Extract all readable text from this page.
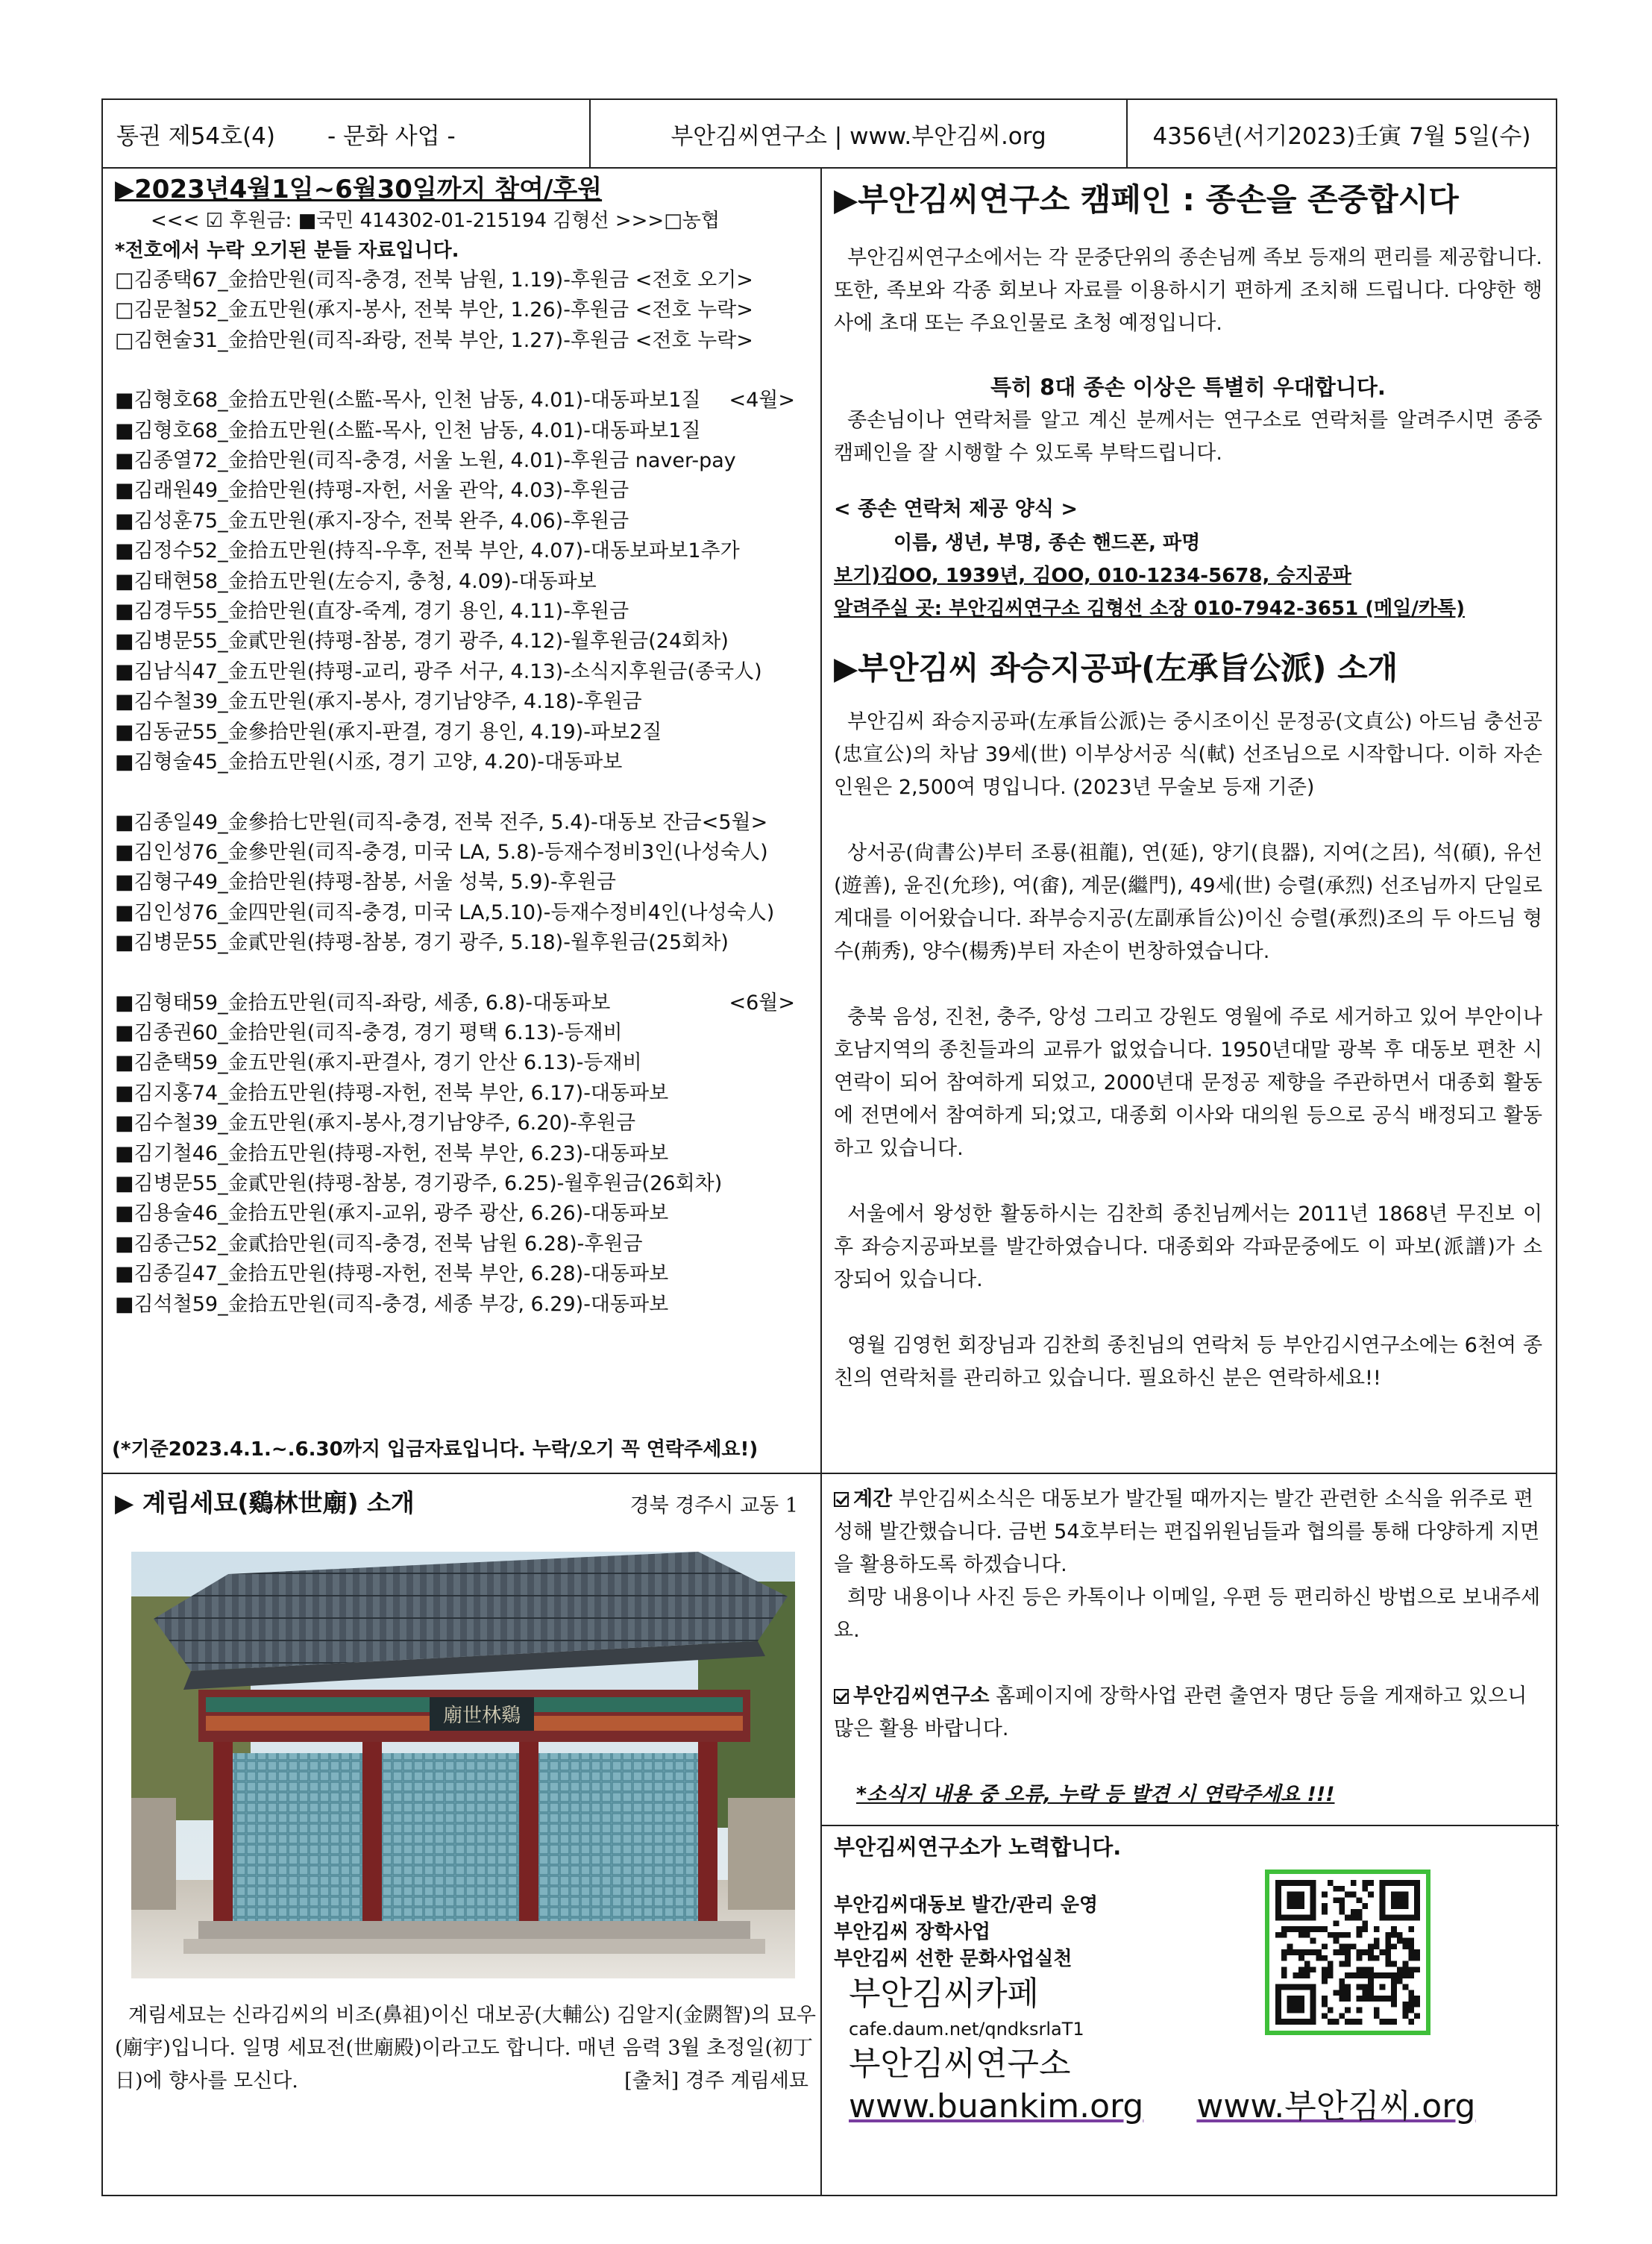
통권 제54호(4) - 문화 사업 -	부안김씨연구소 | www.부안김씨.org	4356년(서기2023)壬寅 7월 5일(수)
▶2023년4월1일~6월30일까지 참여/후원
<<< ☑ 후원금: ■국민 414302-01-215194 김형선 >>>□농협
*전호에서 누락 오기된 분들 자료입니다.
□김종택67_金拾만원(司직-충경, 전북 남원, 1.19)-후원금 <전호 오기>
□김문철52_金五만원(承지-봉사, 전북 부안, 1.26)-후원금 <전호 누락>
□김현술31_金拾만원(司직-좌랑, 전북 부안, 1.27)-후원금 <전호 누락>
■김형호68_金拾五만원(소監-목사, 인천 남동, 4.01)-대동파보1질 <4월>
■김형호68_金拾五만원(소監-목사, 인천 남동, 4.01)-대동파보1질
■김종열72_金拾만원(司직-충경, 서울 노원, 4.01)-후원금 naver-pay
■김래원49_金拾만원(持평-자헌, 서울 관악, 4.03)-후원금
■김성훈75_金五만원(承지-장수, 전북 완주, 4.06)-후원금
■김정수52_金拾五만원(持직-우후, 전북 부안, 4.07)-대동보파보1추가
■김태현58_金拾五만원(左승지, 충청, 4.09)-대동파보
■김경두55_金拾만원(直장-죽계, 경기 용인, 4.11)-후원금
■김병문55_金貳만원(持평-참봉, 경기 광주, 4.12)-월후원금(24회차)
■김남식47_金五만원(持평-교리, 광주 서구, 4.13)-소식지후원금(종국人)
■김수철39_金五만원(承지-봉사, 경기남양주, 4.18)-후원금
■김동균55_金參拾만원(承지-판결, 경기 용인, 4.19)-파보2질
■김형술45_金拾五만원(시丞, 경기 고양, 4.20)-대동파보
■김종일49_金參拾七만원(司직-충경, 전북 전주, 5.4)-대동보 잔금<5월>
■김인성76_金參만원(司직-충경, 미국 LA, 5.8)-등재수정비3인(나성숙人)
■김형구49_金拾만원(持평-참봉, 서울 성북, 5.9)-후원금
■김인성76_金四만원(司직-충경, 미국 LA,5.10)-등재수정비4인(나성숙人)
■김병문55_金貳만원(持평-참봉, 경기 광주, 5.18)-월후원금(25회차)
■김형태59_金拾五만원(司직-좌랑, 세종, 6.8)-대동파보	<6월>
■김종권60_金拾만원(司직-충경, 경기 평택 6.13)-등재비
■김춘택59_金五만원(承지-판결사, 경기 안산 6.13)-등재비
■김지홍74_金拾五만원(持평-자헌, 전북 부안, 6.17)-대동파보
■김수철39_金五만원(承지-봉사,경기남양주, 6.20)-후원금
■김기철46_金拾五만원(持평-자헌, 전북 부안, 6.23)-대동파보
■김병문55_金貳만원(持평-참봉, 경기광주, 6.25)-월후원금(26회차)
■김용술46_金拾五만원(承지-교위, 광주 광산, 6.26)-대동파보
■김종근52_金貳拾만원(司직-충경, 전북 남원 6.28)-후원금
■김종길47_金拾五만원(持평-자헌, 전북 부안, 6.28)-대동파보
■김석철59_金拾五만원(司직-충경, 세종 부강, 6.29)-대동파보
(*기준2023.4.1.~.6.30까지 입금자료입니다. 누락/오기 꼭 연락주세요!)
▶부안김씨연구소 캠페인 : 종손을 존중합시다

부안김씨연구소에서는 각 문중단위의 종손님께 족보 등재의 편리를 제공합니다. 또한, 족보와 각종 회보나 자료를 이용하시기 편하게 조치해 드립니다. 다양한 행사에 초대 또는 주요인물로 초청 예정입니다.

특히 8대 종손 이상은 특별히 우대합니다.

종손님이나 연락처를 알고 계신 분께서는 연구소로 연락처를 알려주시면 종중 캠페인을 잘 시행할 수 있도록 부탁드립니다.

< 종손 연락처 제공 양식 >
이름, 생년, 부명, 종손 핸드폰, 파명
보기)김OO, 1939년, 김OO, 010-1234-5678, 승지공파
알려주실 곳: 부안김씨연구소 김형선 소장 010-7942-3651 (메일/카톡)
▶부안김씨 좌승지공파(左承旨公派) 소개

부안김씨 좌승지공파(左承旨公派)는 중시조이신 문정공(文貞公) 아드님 충선공(忠宣公)의 차남 39세(世) 이부상서공 식(軾) 선조님으로 시작합니다. 이하 자손 인원은 2,500여 명입니다. (2023년 무술보 등재 기준)

상서공(尙書公)부터 조룡(祖龍), 연(延), 양기(良器), 지여(之呂), 석(碩), 유선(遊善), 윤진(允珍), 여(畬), 계문(繼門), 49세(世) 승렬(承烈) 선조님까지 단일로 계대를 이어왔습니다. 좌부승지공(左副承旨公)이신 승렬(承烈)조의 두 아드님 형수(荊秀), 양수(楊秀)부터 자손이 번창하였습니다.

충북 음성, 진천, 충주, 앙성 그리고 강원도 영월에 주로 세거하고 있어 부안이나 호남지역의 종친들과의 교류가 없었습니다. 1950년대말 광복 후 대동보 편찬 시 연락이 되어 참여하게 되었고, 2000년대 문정공 제향을 주관하면서 대종회 활동에 전면에서 참여하게 되;었고, 대종회 이사와 대의원 등으로 공식 배정되고 활동하고 있습니다.

서울에서 왕성한 활동하시는 김찬희 종친님께서는 2011년 1868년 무진보 이후 좌승지공파보를 발간하였습니다. 대종회와 각파문중에도 이 파보(派譜)가 소장되어 있습니다.

영월 김영헌 회장님과 김찬희 종친님의 연락처 등 부안김시연구소에는 6천여 종친의 연락처를 관리하고 있습니다. 필요하신 분은 연락하세요!!

▶ 계림세묘(鷄林世廟) 소개	경북 경주시 교동 1
廟世林鷄

계림세묘는 신라김씨의 비조(鼻祖)이신 대보공(大輔公) 김알지(金閼智)의 묘우(廟宇)입니다. 일명 세묘전(世廟殿)이라고도 합니다. 매년 음력 3월 초정일(初丁日)에 향사를 모신다.	[출처] 경주 계림세묘

계간 부안김씨소식은 대동보가 발간될 때까지는 발간 관련한 소식을 위주로 편성해 발간했습니다. 금번 54호부터는 편집위원님들과 협의를 통해 다양하게 지면을 활용하도록 하겠습니다.

희망 내용이나 사진 등은 카톡이나 이메일, 우편 등 편리하신 방법으로 보내주세요.

부안김씨연구소 홈페이지에 장학사업 관련 출연자 명단 등을 게재하고 있으니 많은 활용 바랍니다.

*소식지 내용 중 오류, 누락 등 발견 시 연락주세요 !!!

부안김씨연구소가 노력합니다.
부안김씨대동보 발간/관리 운영
부안김씨 장학사업
부안김씨 선한 문화사업실천
부안김씨카페
cafe.daum.net/qndksrlaT1
부안김씨연구소
www.buankim.org www.부안김씨.org
